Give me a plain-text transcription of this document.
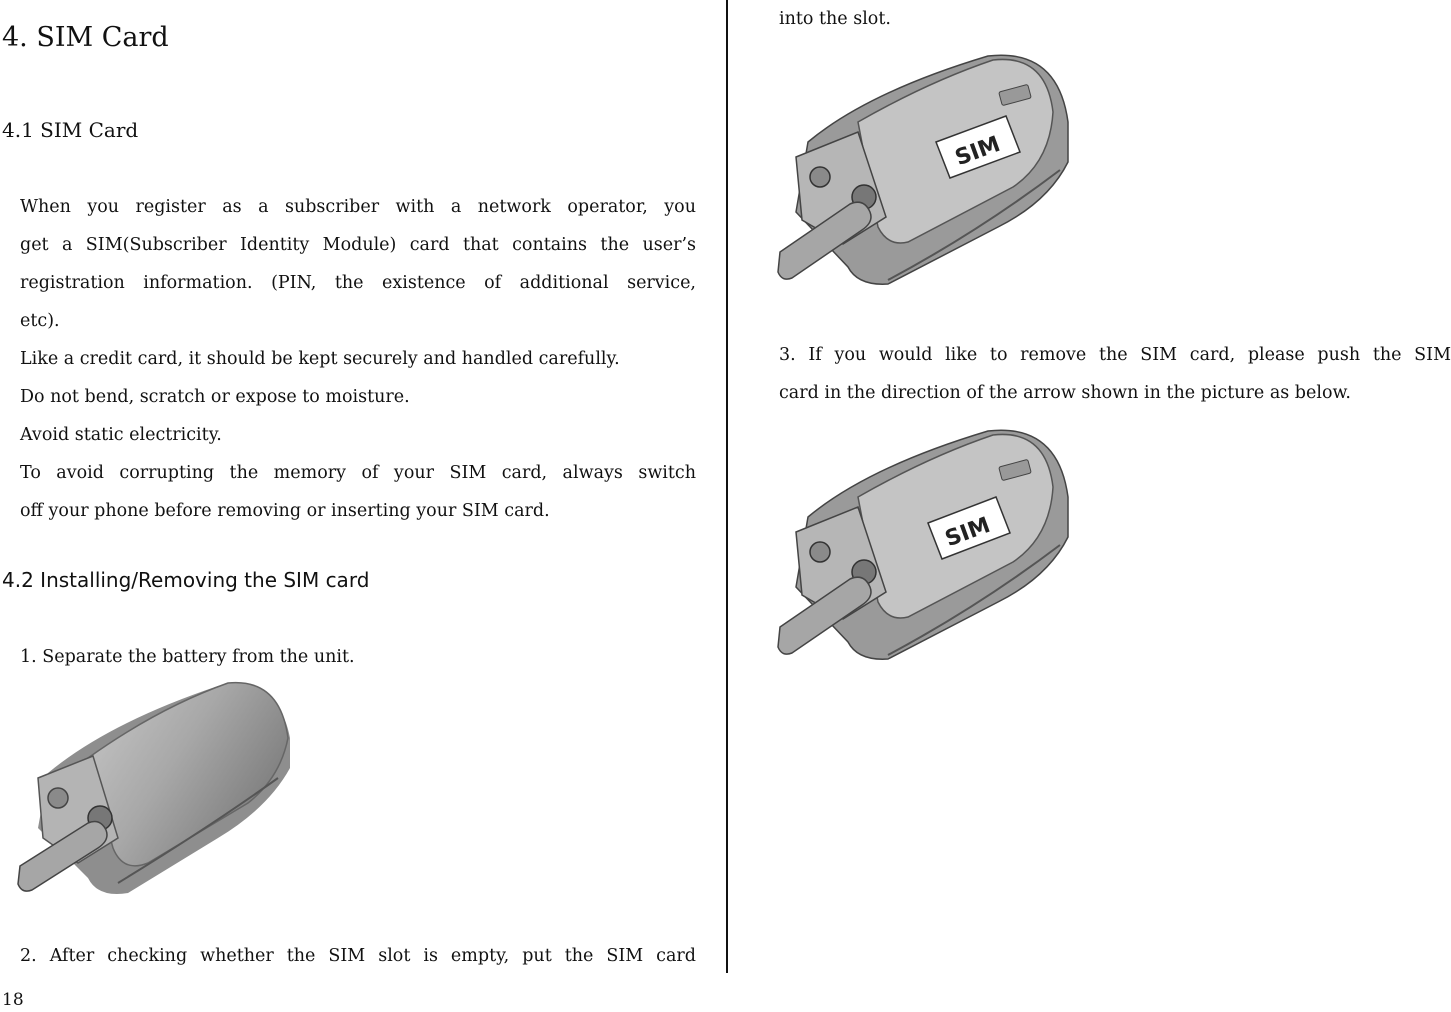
4. SIM Card
4.1 SIM Card
When you register as a subscriber with a network operator, you
get a SIM(Subscriber Identity Module) card that contains the user’s
registration information. (PIN, the existence of additional service,
etc).
Like a credit card, it should be kept securely and handled carefully.
Do not bend, scratch or expose to moisture.
Avoid static electricity.
To avoid corrupting the memory of your SIM card, always switch
off your phone before removing or inserting your SIM card.
4.2 Installing/Removing the SIM card
1. Separate the battery from the unit.
2. After checking whether the SIM slot is empty, put the SIM card
18
into the slot.
SIM
3. If you would like to remove the SIM card, please push the SIM
card in the direction of the arrow shown in the picture as below.
SIM
